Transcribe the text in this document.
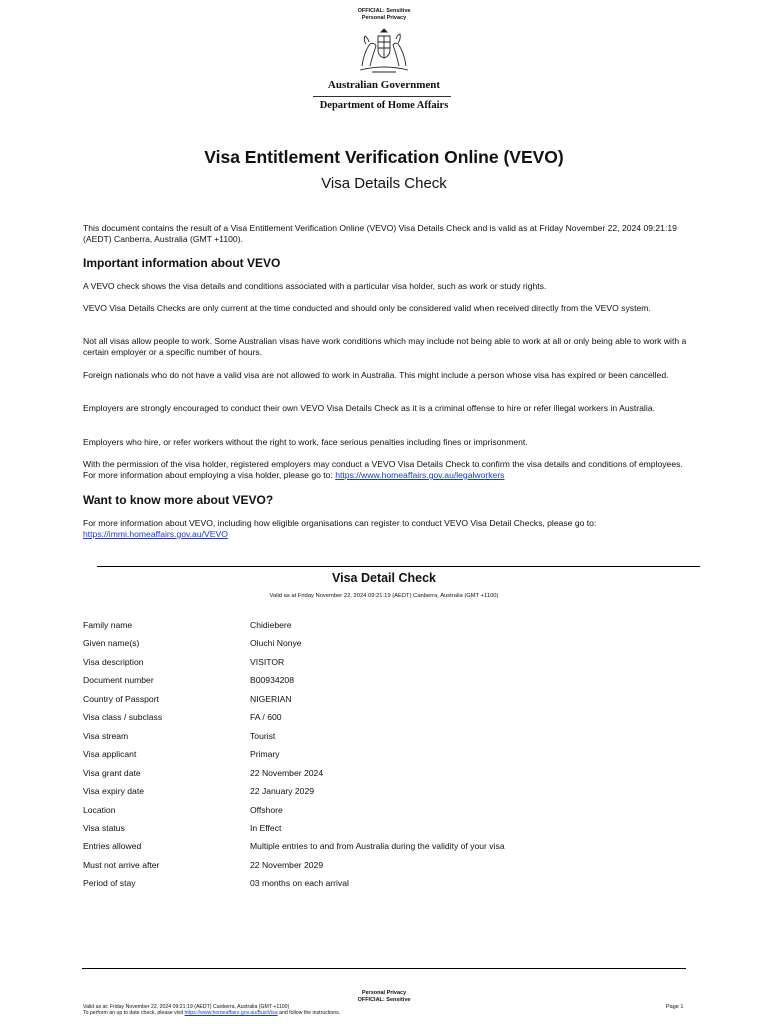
OFFICIAL: Sensitive
Personal Privacy
Australian Government
Department of Home Affairs
Visa Entitlement Verification Online (VEVO)
Visa Details Check
This document contains the result of a Visa Entitlement Verification Online (VEVO) Visa Details Check and is valid as at Friday November 22, 2024 09:21:19 (AEDT) Canberra, Australia (GMT +1100).
Important information about VEVO
A VEVO check shows the visa details and conditions associated with a particular visa holder, such as work or study rights.
VEVO Visa Details Checks are only current at the time conducted and should only be considered valid when received directly from the VEVO system.
Not all visas allow people to work. Some Australian visas have work conditions which may include not being able to work at all or only being able to work with a certain employer or a specific number of hours.
Foreign nationals who do not have a valid visa are not allowed to work in Australia. This might include a person whose visa has expired or been cancelled.
Employers are strongly encouraged to conduct their own VEVO Visa Details Check as it is a criminal offense to hire or refer illegal workers in Australia.
Employers who hire, or refer workers without the right to work, face serious penalties including fines or imprisonment.
With the permission of the visa holder, registered employers may conduct a VEVO Visa Details Check to confirm the visa details and conditions of employees. For more information about employing a visa holder, please go to: https://www.homeaffairs.gov.au/legalworkers
Want to know more about VEVO?
For more information about VEVO, including how eligible organisations can register to conduct VEVO Visa Detail Checks, please go to: https://immi.homeaffairs.gov.au/VEVO
Visa Detail Check
Valid as at Friday November 22, 2024 09:21:19 (AEDT) Canberra, Australia (GMT +1100)
Family name	Chidiebere
Given name(s)	Oluchi Nonye
Visa description	VISITOR
Document number	B00934208
Country of Passport	NIGERIAN
Visa class / subclass	FA / 600
Visa stream	Tourist
Visa applicant	Primary
Visa grant date	22 November 2024
Visa expiry date	22 January 2029
Location	Offshore
Visa status	In Effect
Entries allowed	Multiple entries to and from Australia during the validity of your visa
Must not arrive after	22 November 2029
Period of stay	03 months on each arrival
Personal Privacy
OFFICIAL: Sensitive
Valid as at: Friday November 22, 2024 09:21:19 (AEDT) Canberra, Australia (GMT +1100)
To perform an up to date check, please visit https://www.homeaffairs.gov.au/BusiVisa and follow the instructions.
Page 1
